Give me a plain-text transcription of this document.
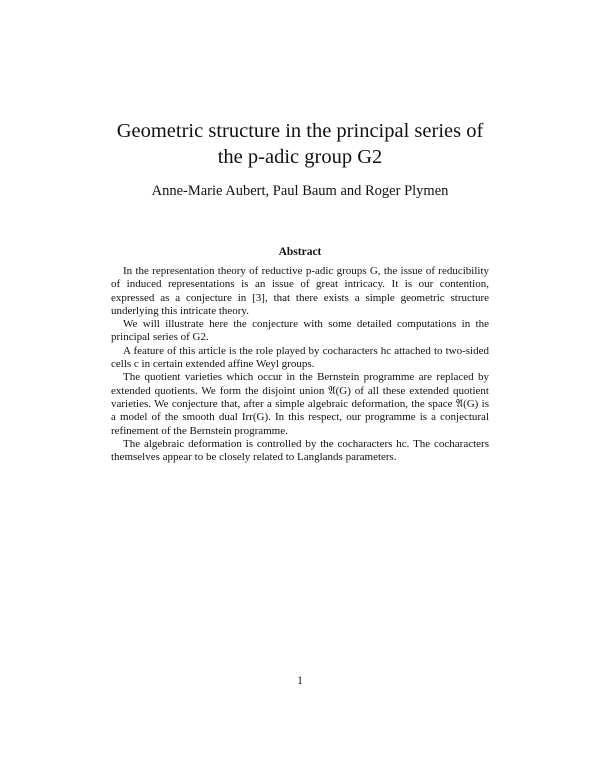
Geometric structure in the principal series of
the p-adic group G2
Anne-Marie Aubert, Paul Baum and Roger Plymen
Abstract

In the representation theory of reductive p-adic groups G, the issue of reducibility of induced representations is an issue of great intricacy. It is our contention, expressed as a conjecture in [3], that there exists a simple geometric structure underlying this intricate theory.

We will illustrate here the conjecture with some detailed computations in the principal series of G2.

A feature of this article is the role played by cocharacters hc attached to two-sided cells c in certain extended affine Weyl groups.

The quotient varieties which occur in the Bernstein programme are replaced by extended quotients. We form the disjoint union 𝔄(G) of all these extended quotient varieties. We conjecture that, after a simple algebraic deformation, the space 𝔄(G) is a model of the smooth dual Irr(G). In this respect, our programme is a conjectural refinement of the Bernstein programme.

The algebraic deformation is controlled by the cocharacters hc. The cocharacters themselves appear to be closely related to Langlands parameters.

1
